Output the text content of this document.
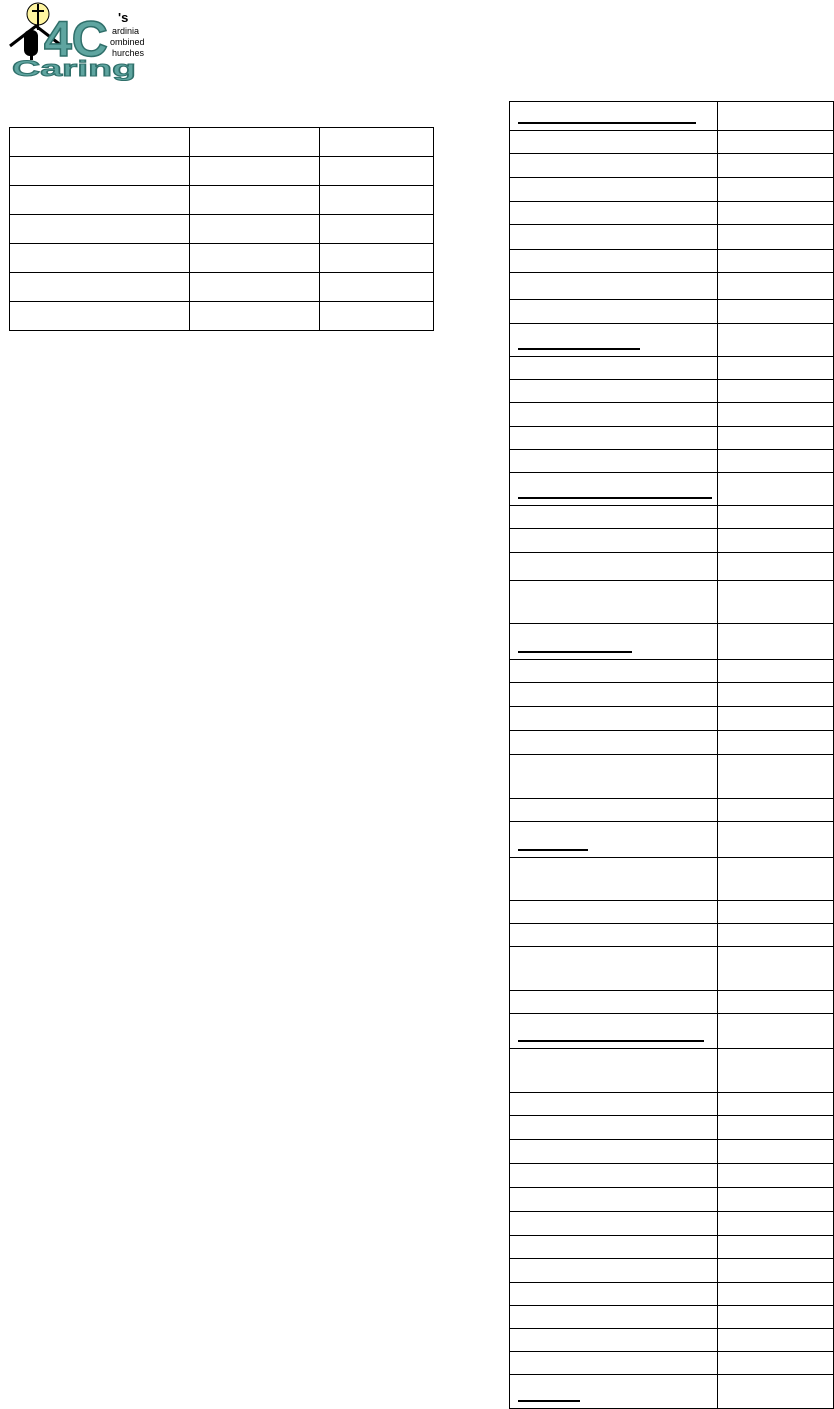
4C 's
ardinia
ombined
hurches
Caring
